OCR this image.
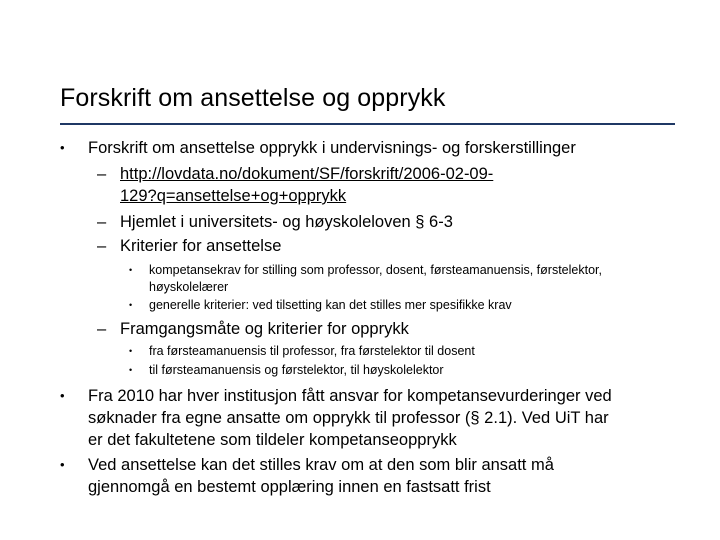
Forskrift om ansettelse og opprykk
• Forskrift om ansettelse opprykk i undervisnings- og forskerstillinger
– http://lovdata.no/dokument/SF/forskrift/2006-02-09-
129?q=ansettelse+og+opprykk
– Hjemlet i universitets- og høyskoleloven § 6-3
– Kriterier for ansettelse
• kompetansekrav for stilling som professor, dosent, førsteamanuensis, førstelektor,
høyskolelærer
• generelle kriterier: ved tilsetting kan det stilles mer spesifikke krav
– Framgangsmåte og kriterier for opprykk
• fra førsteamanuensis til professor, fra førstelektor til dosent
• til førsteamanuensis og førstelektor, til høyskolelektor
• Fra 2010 har hver institusjon fått ansvar for kompetansevurderinger ved
søknader fra egne ansatte om opprykk til professor (§ 2.1). Ved UiT har
er det fakultetene som tildeler kompetanseopprykk
• Ved ansettelse kan det stilles krav om at den som blir ansatt må
gjennomgå en bestemt opplæring innen en fastsatt frist
